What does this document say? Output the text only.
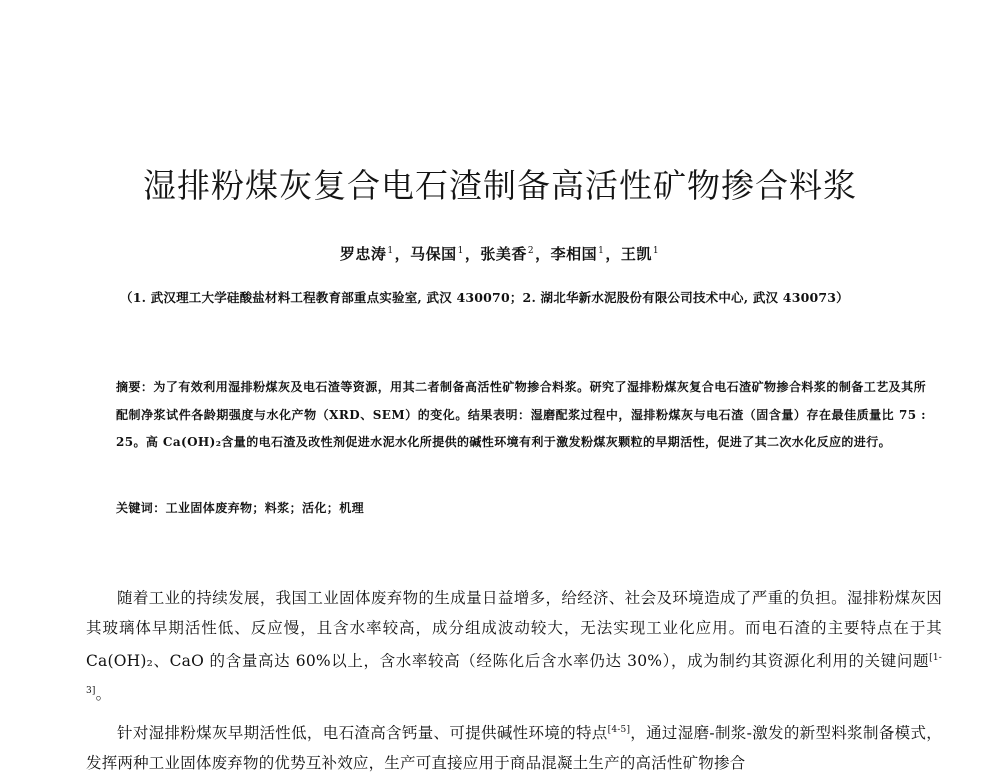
湿排粉煤灰复合电石渣制备高活性矿物掺合料浆
罗忠涛$^1$，马保国$^1$，张美香$^2$，李相国$^1$，王凯$^1$
（1. 武汉理工大学硅酸盐材料工程教育部重点实验室, 武汉 430070；2. 湖北华新水泥股份有限公司技术中心, 武汉 430073）
摘要：为了有效利用湿排粉煤灰及电石渣等资源，用其二者制备高活性矿物掺合料浆。研究了湿排粉煤灰复合电石渣矿物掺合料浆的制备工艺及其所配制净浆试件各龄期强度与水化产物（XRD、SEM）的变化。结果表明：湿磨配浆过程中，湿排粉煤灰与电石渣（固含量）存在最佳质量比 75 : 25。高 Ca(OH)₂含量的电石渣及改性剂促进水泥水化所提供的碱性环境有利于激发粉煤灰颗粒的早期活性，促进了其二次水化反应的进行。
关键词：工业固体废弃物；料浆；活化；机理

随着工业的持续发展，我国工业固体废弃物的生成量日益增多，给经济、社会及环境造成了严重的负担。湿排粉煤灰因其玻璃体早期活性低、反应慢，且含水率较高，成分组成波动较大，无法实现工业化应用。而电石渣的主要特点在于其 Ca(OH)₂、CaO 的含量高达 60%以上，含水率较高（经陈化后含水率仍达 30%），成为制约其资源化利用的关键问题[1-3]。

针对湿排粉煤灰早期活性低，电石渣高含钙量、可提供碱性环境的特点[4-5]，通过湿磨-制浆-激发的新型料浆制备模式，发挥两种工业固体废弃物的优势互补效应，生产可直接应用于商品混凝土生产的高活性矿物掺合
